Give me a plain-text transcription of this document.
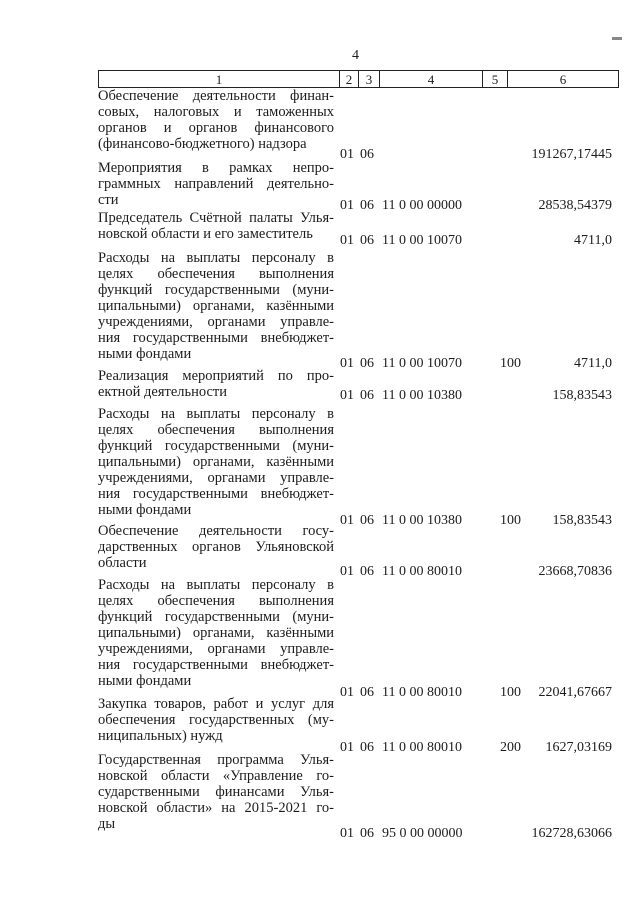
4
1	2	3	4	5	6
Обеспечение деятельности финан-
совых, налоговых и таможенных
органов и органов финансового
(финансово-бюджетного) надзора
01 06	191267,17445
Мероприятия в рамках непро-
граммных направлений деятельно-
сти	01 06 11 0 00 00000	28538,54379
Председатель Счётной палаты Улья-
новской области и его заместитель	01 06 11 0 00 10070	4711,0
Расходы на выплаты персоналу в
целях обеспечения выполнения
функций государственными (муни-
ципальными) органами, казёнными
учреждениями, органами управле-
ния государственными внебюджет-
ными фондами
01 06 11 0 00 10070	100	4711,0
Реализация мероприятий по про-
ектной деятельности	01 06 11 0 00 10380	158,83543
Расходы на выплаты персоналу в
целях обеспечения выполнения
функций государственными (муни-
ципальными) органами, казёнными
учреждениями, органами управле-
ния государственными внебюджет-
ными фондами
01 06 11 0 00 10380	100	158,83543
Обеспечение деятельности госу-
дарственных органов Ульяновской
области
01 06 11 0 00 80010	23668,70836
Расходы на выплаты персоналу в
целях обеспечения выполнения
функций государственными (муни-
ципальными) органами, казёнными
учреждениями, органами управле-
ния государственными внебюджет-
ными фондами
01 06 11 0 00 80010	100	22041,67667
Закупка товаров, работ и услуг для
обеспечения государственных (му-
ниципальных) нужд
01 06 11 0 00 80010	200	1627,03169
Государственная программа Улья-
новской области «Управление го-
сударственными финансами Улья-
новской области» на 2015-2021 го-
ды
01 06 95 0 00 00000	162728,63066
▬
